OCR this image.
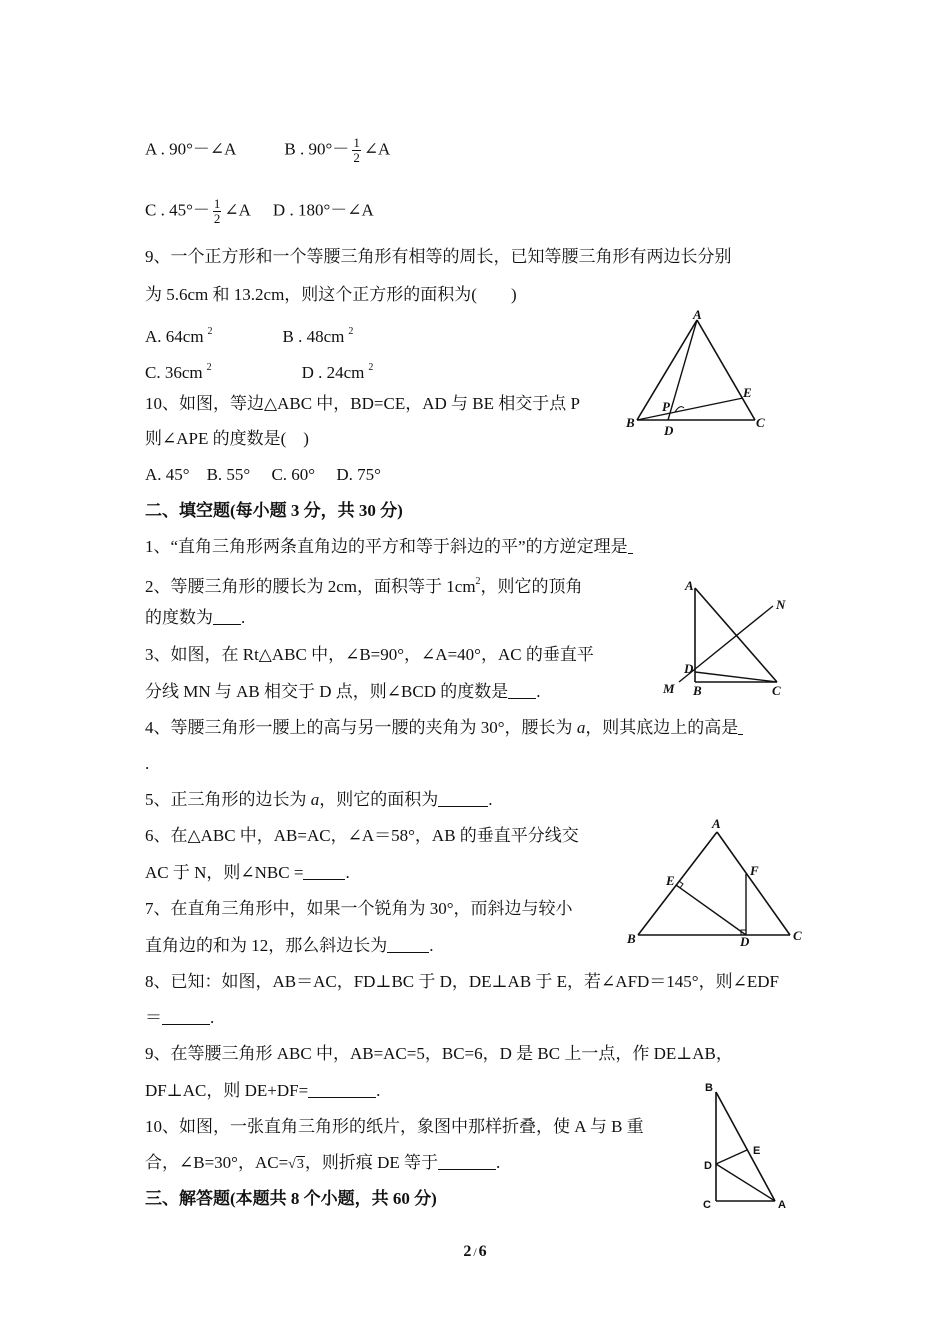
A . 90°－∠A	B . $90^\circ- \frac{1}{2}$ ∠A
C . $45^\circ- \frac{1}{2}$ ∠A D . 180°－∠A
9、一个正方形和一个等腰三角形有相等的周长，已知等腰三角形有两边长分别
为 5.6cm 和 13.2cm，则这个正方形的面积为(　　)
A. 64cm $^2$	B . 48cm $^2$
C. 36cm $^2$	D . 24cm $^2$
10、如图，等边△ABC 中，BD=CE，AD 与 BE 相交于点 P
则∠APE 的度数是(　)
A. 45°　B. 55°　 C. 60°　 D. 75°
A
B	C
D
E
P
二、填空题(每小题 3 分，共 30 分)
1、“直角三角形两条直角边的平方和等于斜边的平”的方逆定理是
2、等腰三角形的腰长为 2cm，面积等于 $1cm^2$，则它的顶角
的度数为 .
3、如图，在 Rt△ABC 中，∠B=90°，∠A=40°，AC 的垂直平
分线 MN 与 AB 相交于 D 点，则∠BCD 的度数是 .
4、等腰三角形一腰上的高与另一腰的夹角为 30°，腰长为 a，则其底边上的高是
.
5、正三角形的边长为 a，则它的面积为	.
6、在△ABC 中，AB=AC，∠A＝58°，AB 的垂直平分线交
AC 于 N，则∠NBC = .
7、在直角三角形中，如果一个锐角为 30°，而斜边与较小
直角边的和为 12，那么斜边长为 .
8、已知：如图，AB＝AC，FD⊥BC 于 D，DE⊥AB 于 E，若∠AFD＝145°，则∠EDF
＝	.
9、在等腰三角形 ABC 中，AB=AC=5，BC=6，D 是 BC 上一点，作 DE⊥AB，
DF⊥AC，则 DE+DF=	.
10、如图，一张直角三角形的纸片，象图中那样折叠，使 A 与 B 重
合，∠B=30°，AC=√3，则折痕 DE 等于	.
三、解答题(本题共 8 个小题，共 60 分)
A
D
M B	C
N
A
E
F
B	D	C
B
E
D
C	A
2 / 6
